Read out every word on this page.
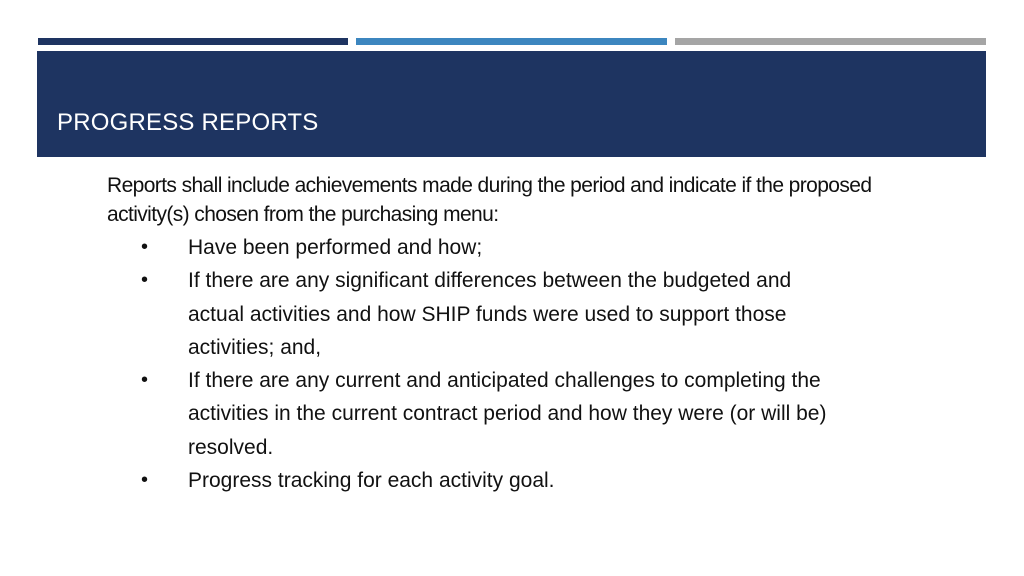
PROGRESS REPORTS

Reports shall include achievements made during the period and indicate if the proposed activity(s) chosen from the purchasing menu:

• Have been performed and how;
• If there are any significant differences between the budgeted and actual activities and how SHIP funds were used to support those activities; and,
• If there are any current and anticipated challenges to completing the activities in the current contract period and how they were (or will be) resolved.
• Progress tracking for each activity goal.
